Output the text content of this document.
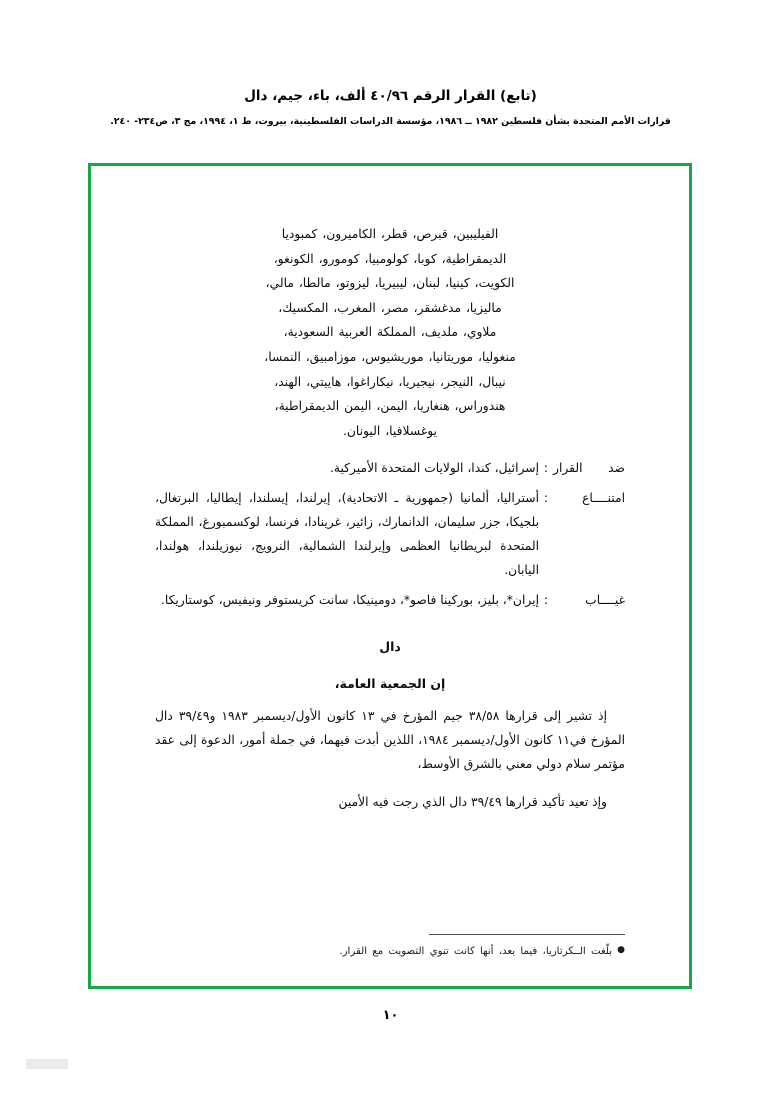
(تابع) القرار الرقم ٤٠/٩٦ ألف، باء، جيم، دال
قرارات الأمم المتحدة بشأن فلسطين ١٩٨٢ ــ ١٩٨٦، مؤسسة الدراسات الفلسطينية، بيروت، ط ١، ١٩٩٤، مج ٣، ص٢٣٤- ٢٤٠.
الفيليبين، قبرص، قطر، الكاميرون، كمبوديا الديمقراطية، كوبا، كولومبيا، كومورو، الكونغو، الكويت، كينيا، لبنان، ليبيريا، ليزوتو، مالطا، مالي، ماليزيا، مدغشقر، مصر، المغرب، المكسيك، ملاوي، ملديف، المملكة العربية السعودية، منغوليا، موريتانيا، موريشيوس، موزامبيق، النمسا، نيبال، النيجر، نيجيريا، نيكاراغوا، هاييتي، الهند، هندوراس، هنغاريا، اليمن، اليمن الديمقراطية، يوغسلافيا، اليونان.
ضد القرار
:
إسرائيل، كندا، الولايات المتحدة الأميركية.
امتنــــاع
:
أستراليا، ألمانيا (جمهورية ـ الاتحادية)، إيرلندا، إيسلندا، إيطاليا، البرتغال، بلجيكا، جزر سليمان، الدانمارك، زائير، غرينادا، فرنسا، لوكسمبورغ، المملكة المتحدة لبريطانيا العظمى وإيرلندا الشمالية، النرويج، نيوزيلندا، هولندا، اليابان.
غيــــاب
:
إيران*، بليز، بوركينا فاصو*، دومينيكا، سانت كريستوفر ونيفيس، كوستاريكا.
دال
إن الجمعية العامة،
إذ تشير إلى قرارها ٣٨/٥٨ جيم المؤرخ في ١٣ كانون الأول/ديسمبر ١٩٨٣ و٣٩/٤٩ دال المؤرخ في١١ كانون الأول/ديسمبر ١٩٨٤، اللذين أبدت فيهما، في جملة أمور، الدعوة إلى عقد مؤتمر سلام دولي معني بالشرق الأوسط،
وإذ تعيد تأكيد قرارها ٣٩/٤٩ دال الذي رجت فيه الأمين
●بلّغت الــكرتاريا، فيما بعد، أنها كانت تنوي التصويت مع القرار.
١٠
